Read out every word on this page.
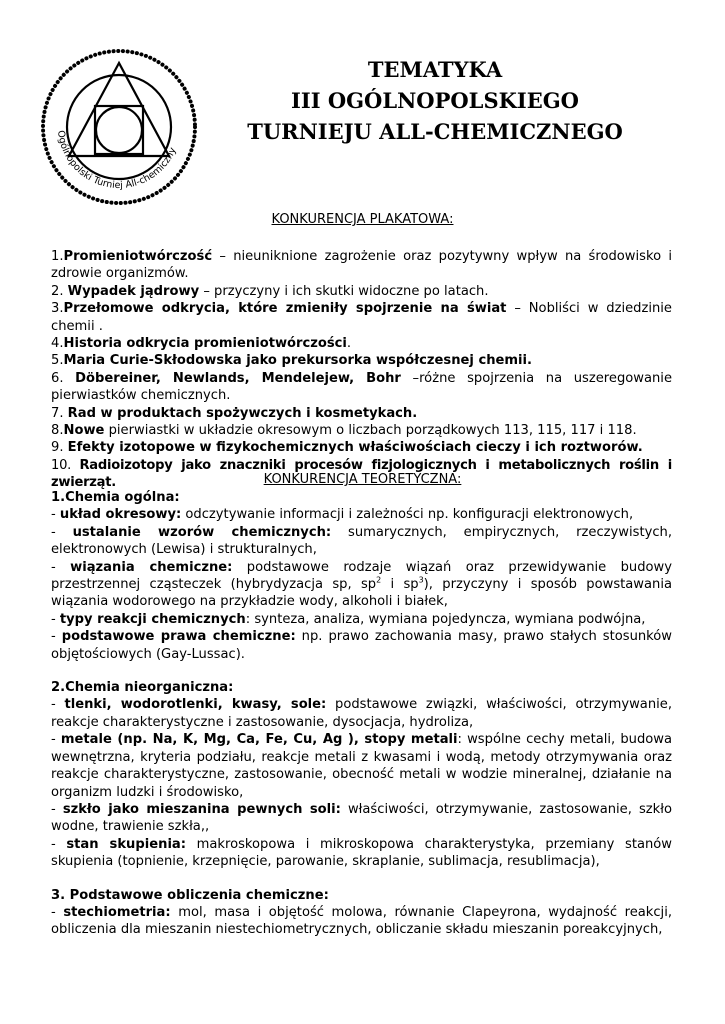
Ogólnopolski Turniej All-chemiczny
TEMATYKA
III OGÓLNOPOLSKIEGO
TURNIEJU ALL-CHEMICZNEGO

KONKURENCJA PLAKATOWA:

1.Promieniotwórczość – nieuniknione zagrożenie oraz pozytywny wpływ na środowisko i zdrowie organizmów.

2. Wypadek jądrowy – przyczyny i ich skutki widoczne po latach.

3.Przełomowe odkrycia, które zmieniły spojrzenie na świat – Nobliści w dziedzinie chemii .

4.Historia odkrycia promieniotwórczości.

5.Maria Curie-Skłodowska jako prekursorka współczesnej chemii.

6. Döbereiner, Newlands, Mendelejew, Bohr –różne spojrzenia na uszeregowanie pierwiastków chemicznych.

7. Rad w produktach spożywczych i kosmetykach.

8.Nowe pierwiastki w układzie okresowym o liczbach porządkowych 113, 115, 117 i 118.

9. Efekty izotopowe w fizykochemicznych właściwościach cieczy i ich roztworów.

10. Radioizotopy jako znaczniki procesów fizjologicznych i metabolicznych roślin i zwierząt.	KONKURENCJA TEORETYCZNA:

1.Chemia ogólna:

- układ okresowy: odczytywanie informacji i zależności np. konfiguracji elektronowych,

- ustalanie wzorów chemicznych: sumarycznych, empirycznych, rzeczywistych, elektronowych (Lewisa) i strukturalnych,

- wiązania chemiczne: podstawowe rodzaje wiązań oraz przewidywanie budowy przestrzennej cząsteczek (hybrydyzacja sp, $sp^2$ i $sp^3$), przyczyny i sposób powstawania wiązania wodorowego na przykładzie wody, alkoholi i białek,

- typy reakcji chemicznych: synteza, analiza, wymiana pojedyncza, wymiana podwójna,

- podstawowe prawa chemiczne: np. prawo zachowania masy, prawo stałych stosunków objętościowych (Gay-Lussac).

2.Chemia nieorganiczna:

- tlenki, wodorotlenki, kwasy, sole: podstawowe związki, właściwości, otrzymywanie, reakcje charakterystyczne i zastosowanie, dysocjacja, hydroliza,

- metale (np. Na, K, Mg, Ca, Fe, Cu, Ag ), stopy metali: wspólne cechy metali, budowa wewnętrzna, kryteria podziału, reakcje metali z kwasami i wodą, metody otrzymywania oraz reakcje charakterystyczne, zastosowanie, obecność metali w wodzie mineralnej, działanie na organizm ludzki i środowisko,

- szkło jako mieszanina pewnych soli: właściwości, otrzymywanie, zastosowanie, szkło wodne, trawienie szkła,,

- stan skupienia: makroskopowa i mikroskopowa charakterystyka, przemiany stanów skupienia (topnienie, krzepnięcie, parowanie, skraplanie, sublimacja, resublimacja),

3. Podstawowe obliczenia chemiczne:

- stechiometria: mol, masa i objętość molowa, równanie Clapeyrona, wydajność reakcji, obliczenia dla mieszanin niestechiometrycznych, obliczanie składu mieszanin poreakcyjnych,
